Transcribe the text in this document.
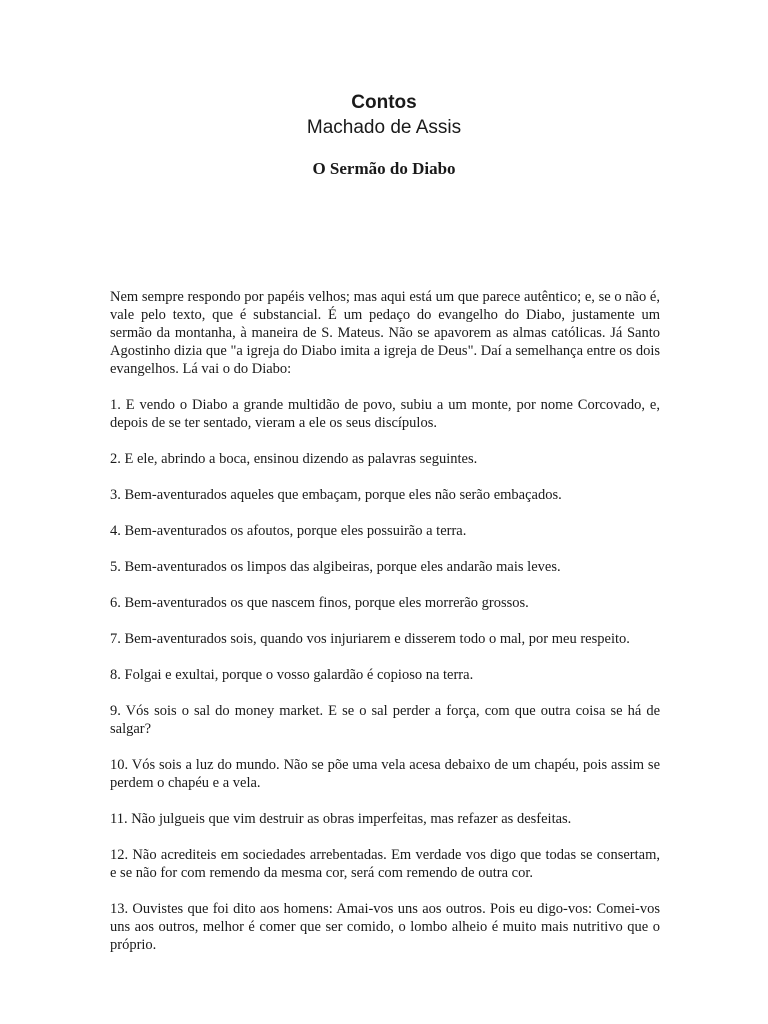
Contos
Machado de Assis
O Sermão do Diabo

Nem sempre respondo por papéis velhos; mas aqui está um que parece autêntico; e, se o não é, vale pelo texto, que é substancial. É um pedaço do evangelho do Diabo, justamente um sermão da montanha, à maneira de S. Mateus. Não se apavorem as almas católicas. Já Santo Agostinho dizia que "a igreja do Diabo imita a igreja de Deus". Daí a semelhança entre os dois evangelhos. Lá vai o do Diabo:

1. E vendo o Diabo a grande multidão de povo, subiu a um monte, por nome Corcovado, e, depois de se ter sentado, vieram a ele os seus discípulos.

2. E ele, abrindo a boca, ensinou dizendo as palavras seguintes.

3. Bem-aventurados aqueles que embaçam, porque eles não serão embaçados.

4. Bem-aventurados os afoutos, porque eles possuirão a terra.

5. Bem-aventurados os limpos das algibeiras, porque eles andarão mais leves.

6. Bem-aventurados os que nascem finos, porque eles morrerão grossos.

7. Bem-aventurados sois, quando vos injuriarem e disserem todo o mal, por meu respeito.

8. Folgai e exultai, porque o vosso galardão é copioso na terra.

9. Vós sois o sal do money market. E se o sal perder a força, com que outra coisa se há de salgar?

10. Vós sois a luz do mundo. Não se põe uma vela acesa debaixo de um chapéu, pois assim se perdem o chapéu e a vela.

11. Não julgueis que vim destruir as obras imperfeitas, mas refazer as desfeitas.

12. Não acrediteis em sociedades arrebentadas. Em verdade vos digo que todas se consertam, e se não for com remendo da mesma cor, será com remendo de outra cor.

13. Ouvistes que foi dito aos homens: Amai-vos uns aos outros. Pois eu digo-vos: Comei-vos uns aos outros, melhor é comer que ser comido, o lombo alheio é muito mais nutritivo que o próprio.
